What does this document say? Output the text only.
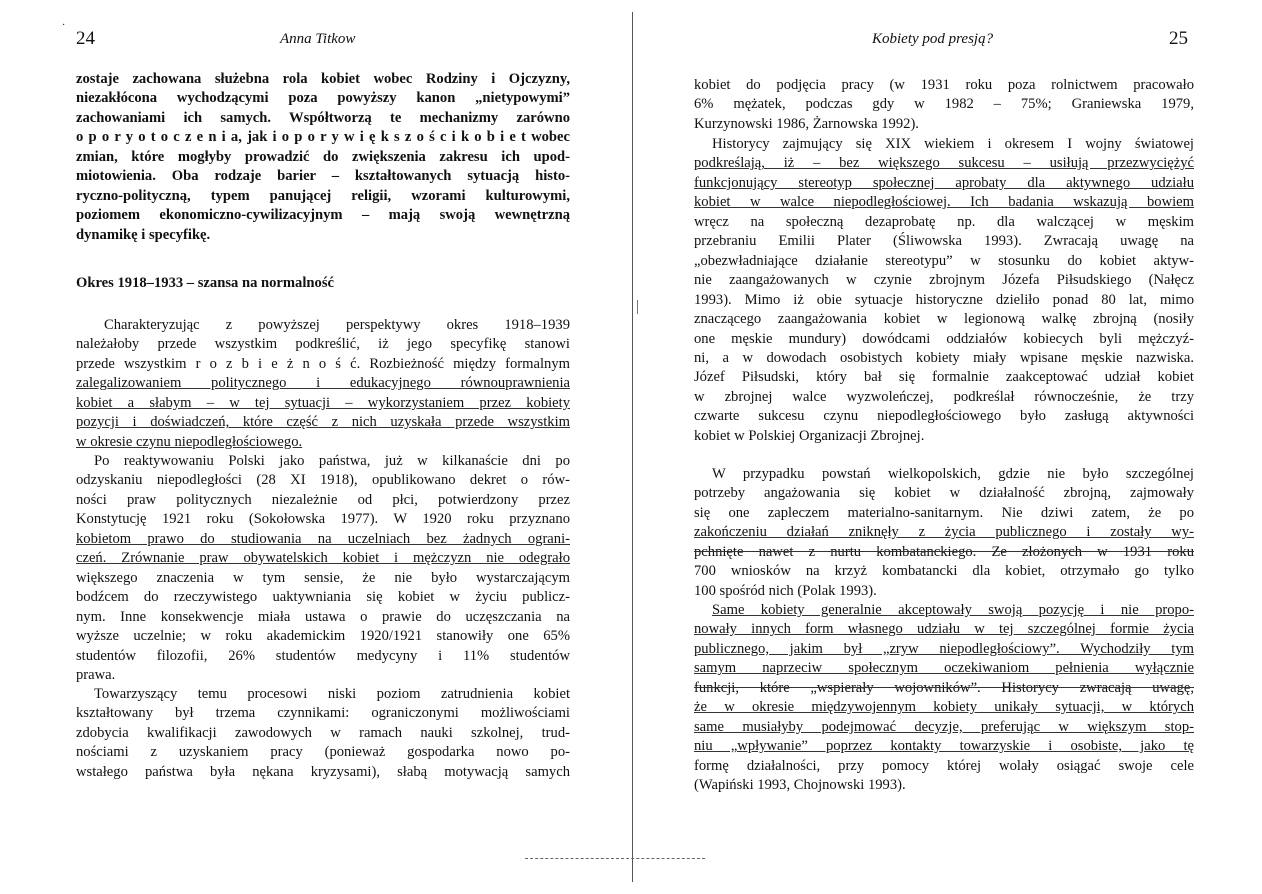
·
24	Anna Titkow
zostaje zachowana służebna rola kobiet wobec Rodziny i Ojczyzny,
niezakłócona wychodzącymi poza powyższy kanon „nietypowymi”
zachowaniami ich samych. Współtworzą te mechanizmy zarówno
o p o r y o t o c z e n i a, jak i o p o r y w i ę k s z o ś c i k o b i e t wobec
zmian, które mogłyby prowadzić do zwiększenia zakresu ich upod-
miotowienia. Oba rodzaje barier – kształtowanych sytuacją histo-
ryczno-polityczną, typem panującej religii, wzorami kulturowymi,
poziomem ekonomiczno-cywilizacyjnym – mają swoją wewnętrzną
dynamikę i specyfikę.
Okres 1918–1933 – szansa na normalność
Charakteryzując z powyższej perspektywy okres 1918–1939
należałoby przede wszystkim podkreślić, iż jego specyfikę stanowi
przede wszystkim r o z b i e ż n o ś ć. Rozbieżność między formalnym
zalegalizowaniem politycznego i edukacyjnego równouprawnienia
kobiet a słabym – w tej sytuacji – wykorzystaniem przez kobiety
pozycji i doświadczeń, które część z nich uzyskała przede wszystkim
w okresie czynu niepodległościowego.
Po reaktywowaniu Polski jako państwa, już w kilkanaście dni po
odzyskaniu niepodległości (28 XI 1918), opublikowano dekret o rów-
ności praw politycznych niezależnie od płci, potwierdzony przez
Konstytucję 1921 roku (Sokołowska 1977). W 1920 roku przyznano
kobietom prawo do studiowania na uczelniach bez żadnych ograni-
czeń. Zrównanie praw obywatelskich kobiet i mężczyzn nie odegrało
większego znaczenia w tym sensie, że nie było wystarczającym
bodźcem do rzeczywistego uaktywniania się kobiet w życiu publicz-
nym. Inne konsekwencje miała ustawa o prawie do uczęszczania na
wyższe uczelnie; w roku akademickim 1920/1921 stanowiły one 65%
studentów filozofii, 26% studentów medycyny i 11% studentów
prawa.
Towarzyszący temu procesowi niski poziom zatrudnienia kobiet
kształtowany był trzema czynnikami: ograniczonymi możliwościami
zdobycia kwalifikacji zawodowych w ramach nauki szkolnej, trud-
nościami z uzyskaniem pracy (ponieważ gospodarka nowo po-
wstałego państwa była nękana kryzysami), słabą motywacją samych
Kobiety pod presją?	25
kobiet do podjęcia pracy (w 1931 roku poza rolnictwem pracowało
6% mężatek, podczas gdy w 1982 – 75%; Graniewska 1979,
Kurzynowski 1986, Żarnowska 1992).
Historycy zajmujący się XIX wiekiem i okresem I wojny światowej
podkreślają, iż – bez większego sukcesu – usiłują przezwyciężyć
funkcjonujący stereotyp społecznej aprobaty dla aktywnego udziału
kobiet w walce niepodległościowej. Ich badania wskazują bowiem
wręcz na społeczną dezaprobatę np. dla walczącej w męskim
przebraniu Emilii Plater (Śliwowska 1993). Zwracają uwagę na
„obezwładniające działanie stereotypu” w stosunku do kobiet aktyw-
nie zaangażowanych w czynie zbrojnym Józefa Piłsudskiego (Nałęcz
1993). Mimo iż obie sytuacje historyczne dzieliło ponad 80 lat, mimo
znaczącego zaangażowania kobiet w legionową walkę zbrojną (nosiły
one męskie mundury) dowódcami oddziałów kobiecych byli mężczyź-
ni, a w dowodach osobistych kobiety miały wpisane męskie nazwiska.
Józef Piłsudski, który bał się formalnie zaakceptować udział kobiet
w zbrojnej walce wyzwoleńczej, podkreślał równocześnie, że trzy
czwarte sukcesu czynu niepodległościowego było zasługą aktywności
kobiet w Polskiej Organizacji Zbrojnej.
W przypadku powstań wielkopolskich, gdzie nie było szczególnej
potrzeby angażowania się kobiet w działalność zbrojną, zajmowały
się one zapleczem materialno-sanitarnym. Nie dziwi zatem, że po
zakończeniu działań zniknęły z życia publicznego i zostały wy-
pchnięte nawet z nurtu kombatanckiego. Ze złożonych w 1931 roku
700 wniosków na krzyż kombatancki dla kobiet, otrzymało go tylko
100 spośród nich (Polak 1993).
Same kobiety generalnie akceptowały swoją pozycję i nie propo-
nowały innych form własnego udziału w tej szczególnej formie życia
publicznego, jakim był „zryw niepodległościowy”. Wychodziły tym
samym naprzeciw społecznym oczekiwaniom pełnienia wyłącznie
funkcji, które „wspierały wojowników”. Historycy zwracają uwagę,
że w okresie międzywojennym kobiety unikały sytuacji, w których
same musiałyby podejmować decyzje, preferując w większym stop-
niu „wpływanie” poprzez kontakty towarzyskie i osobiste, jako tę
formę działalności, przy pomocy której wolały osiągać swoje cele
(Wapiński 1993, Chojnowski 1993).
